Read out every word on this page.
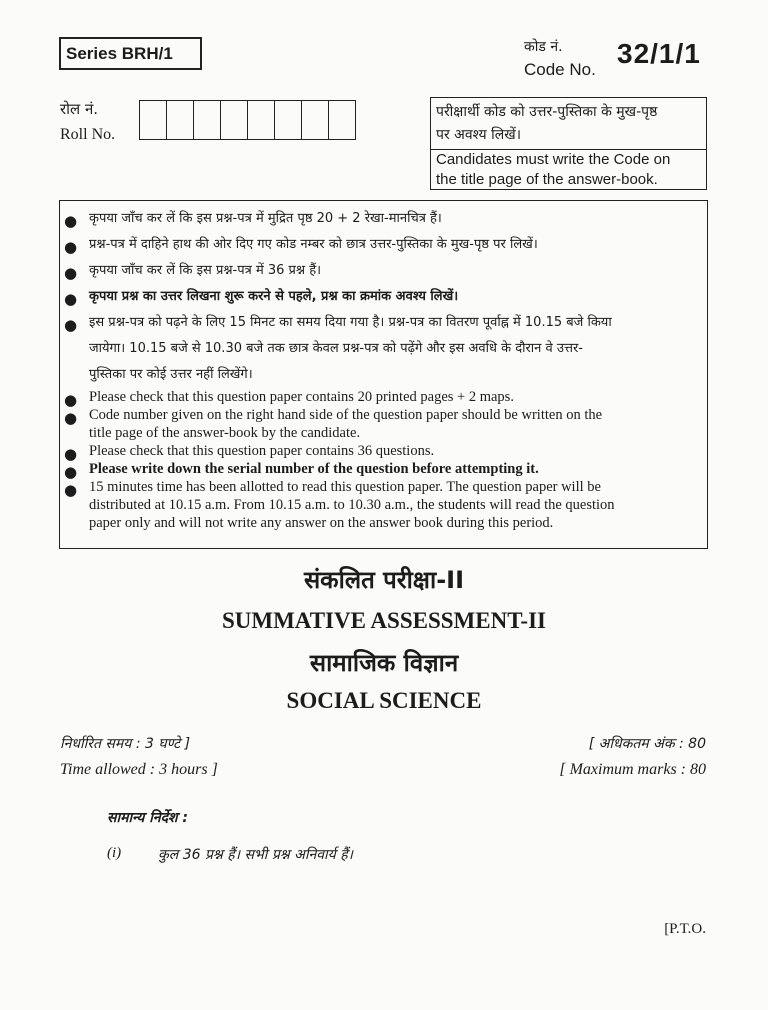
Series BRH/1	कोड नं.
Code No.
32/1/1
रोल नं.
Roll No.
परीक्षार्थी कोड को उत्तर-पुस्तिका के मुख-पृष्ठ
पर अवश्य लिखें।
Candidates must write the Code on
the title page of the answer-book.
● कृपया जाँच कर लें कि इस प्रश्न-पत्र में मुद्रित पृष्ठ 20 + 2 रेखा-मानचित्र हैं।
● प्रश्न-पत्र में दाहिने हाथ की ओर दिए गए कोड नम्बर को छात्र उत्तर-पुस्तिका के मुख-पृष्ठ पर लिखें।
● कृपया जाँच कर लें कि इस प्रश्न-पत्र में 36 प्रश्न हैं।
● कृपया प्रश्न का उत्तर लिखना शुरू करने से पहले, प्रश्न का क्रमांक अवश्य लिखें।
● इस प्रश्न-पत्र को पढ़ने के लिए 15 मिनट का समय दिया गया है। प्रश्न-पत्र का वितरण पूर्वाह्न में 10.15 बजे किया
जायेगा। 10.15 बजे से 10.30 बजे तक छात्र केवल प्रश्न-पत्र को पढ़ेंगे और इस अवधि के दौरान वे उत्तर-
पुस्तिका पर कोई उत्तर नहीं लिखेंगे।
● Please check that this question paper contains 20 printed pages + 2 maps.
● Code number given on the right hand side of the question paper should be written on the
title page of the answer-book by the candidate.
● Please check that this question paper contains 36 questions.
● Please write down the serial number of the question before attempting it.
● 15 minutes time has been allotted to read this question paper. The question paper will be
distributed at 10.15 a.m. From 10.15 a.m. to 10.30 a.m., the students will read the question
paper only and will not write any answer on the answer book during this period.
संकलित परीक्षा-II
SUMMATIVE ASSESSMENT-II
सामाजिक विज्ञान
SOCIAL SCIENCE
निर्धारित समय : 3 घण्टे ]
Time allowed : 3 hours ]
[ अधिकतम अंक : 80
[ Maximum marks : 80
सामान्य निर्देश :
(i)	कुल 36 प्रश्न हैं। सभी प्रश्न अनिवार्य हैं।
[P.T.O.
